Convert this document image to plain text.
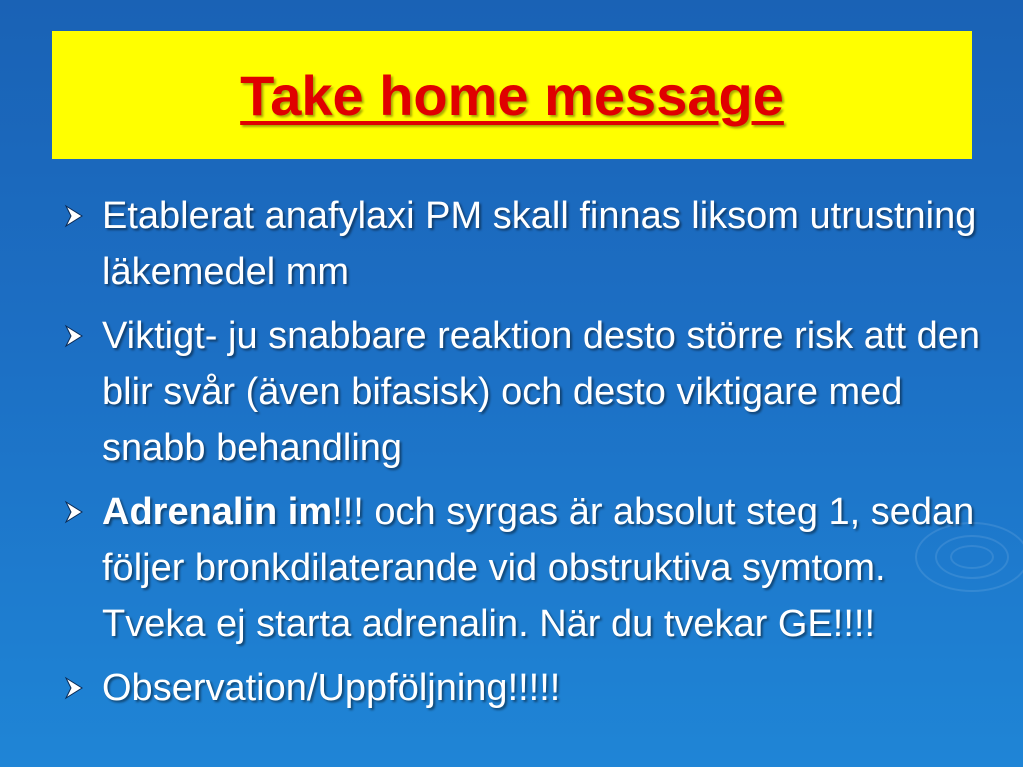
Take home message
Etablerat anafylaxi PM skall finnas liksom utrustning läkemedel mm
Viktigt- ju snabbare reaktion desto större risk att den blir svår (även bifasisk) och desto viktigare med snabb behandling
Adrenalin im!!! och syrgas är absolut steg 1, sedan följer bronkdilaterande vid obstruktiva symtom. Tveka ej starta adrenalin. När du tvekar GE!!!!
Observation/Uppföljning!!!!!
